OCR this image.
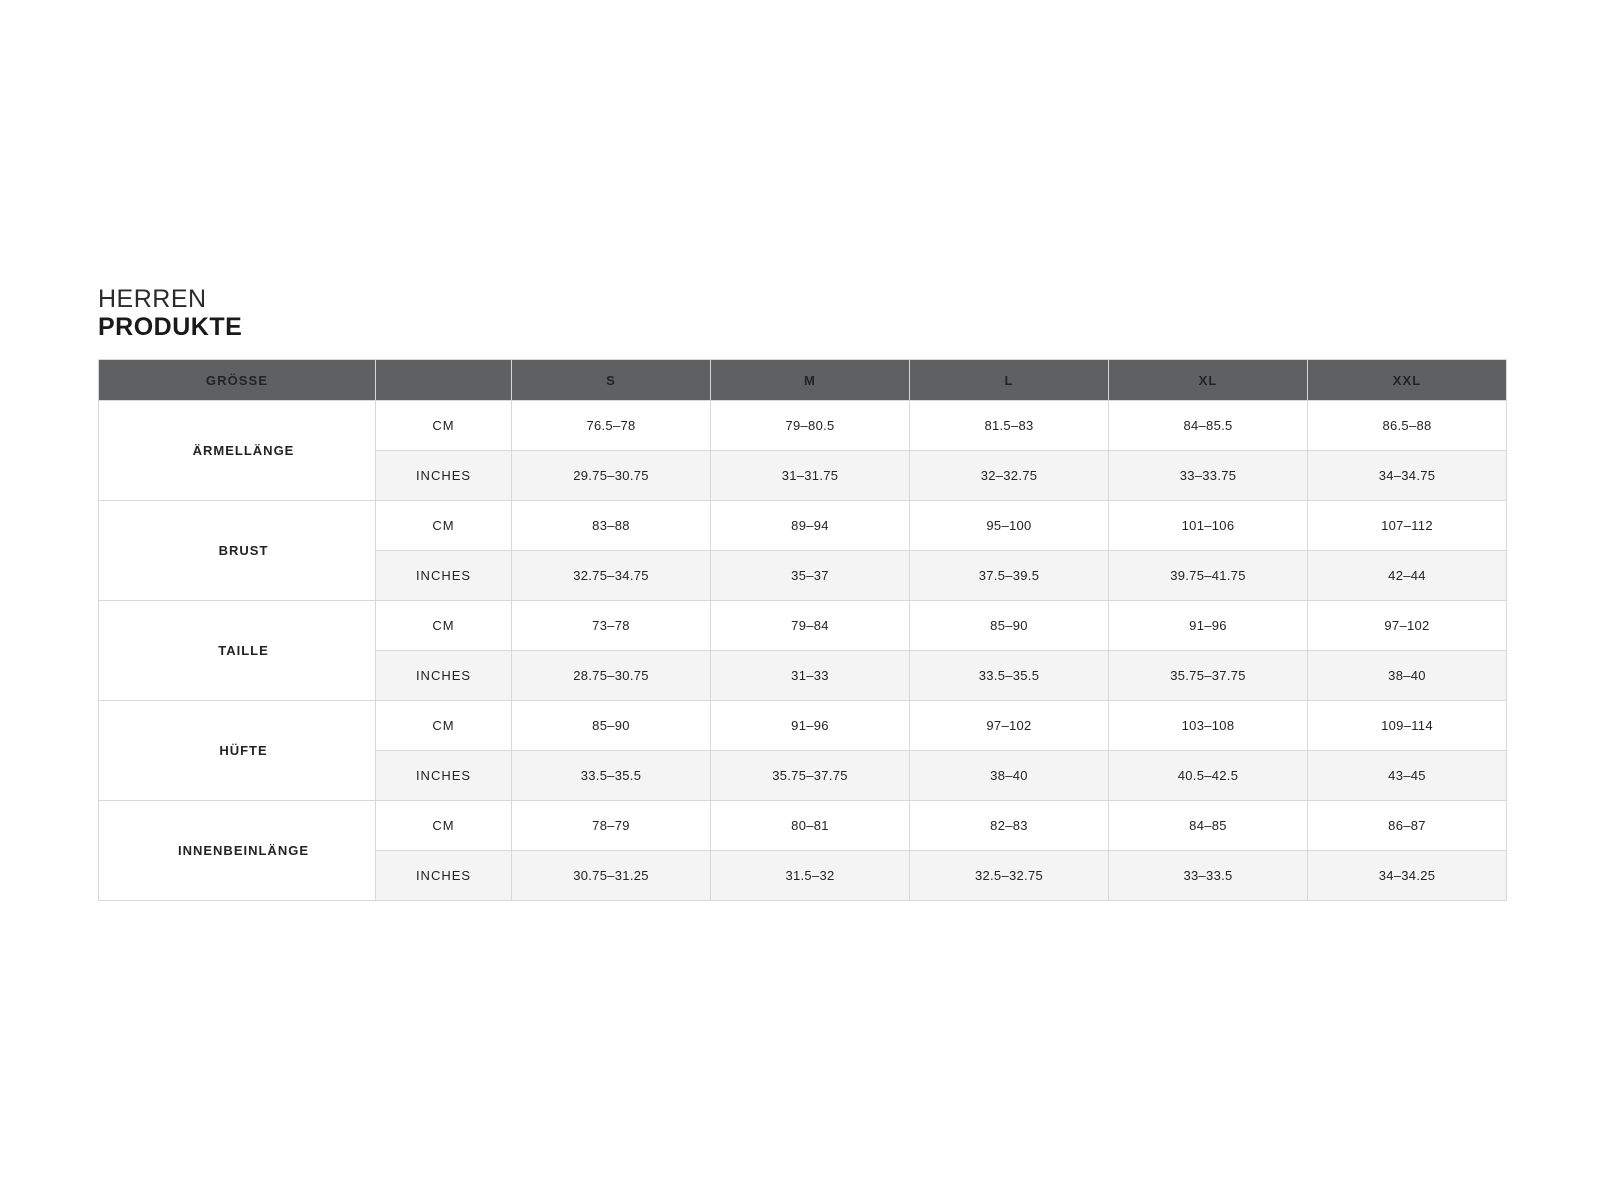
HERREN
PRODUKTE
GRÖSSE		S	M	L	XL	XXL
ÄRMELLÄNGE	CM	76.5–78	79–80.5	81.5–83	84–85.5	86.5–88
	INCHES	29.75–30.75	31–31.75	32–32.75	33–33.75	34–34.75
BRUST	CM	83–88	89–94	95–100	101–106	107–112
	INCHES	32.75–34.75	35–37	37.5–39.5	39.75–41.75	42–44
TAILLE	CM	73–78	79–84	85–90	91–96	97–102
	INCHES	28.75–30.75	31–33	33.5–35.5	35.75–37.75	38–40
HÜFTE	CM	85–90	91–96	97–102	103–108	109–114
	INCHES	33.5–35.5	35.75–37.75	38–40	40.5–42.5	43–45
INNENBEINLÄNGE	CM	78–79	80–81	82–83	84–85	86–87
	INCHES	30.75–31.25	31.5–32	32.5–32.75	33–33.5	34–34.25
